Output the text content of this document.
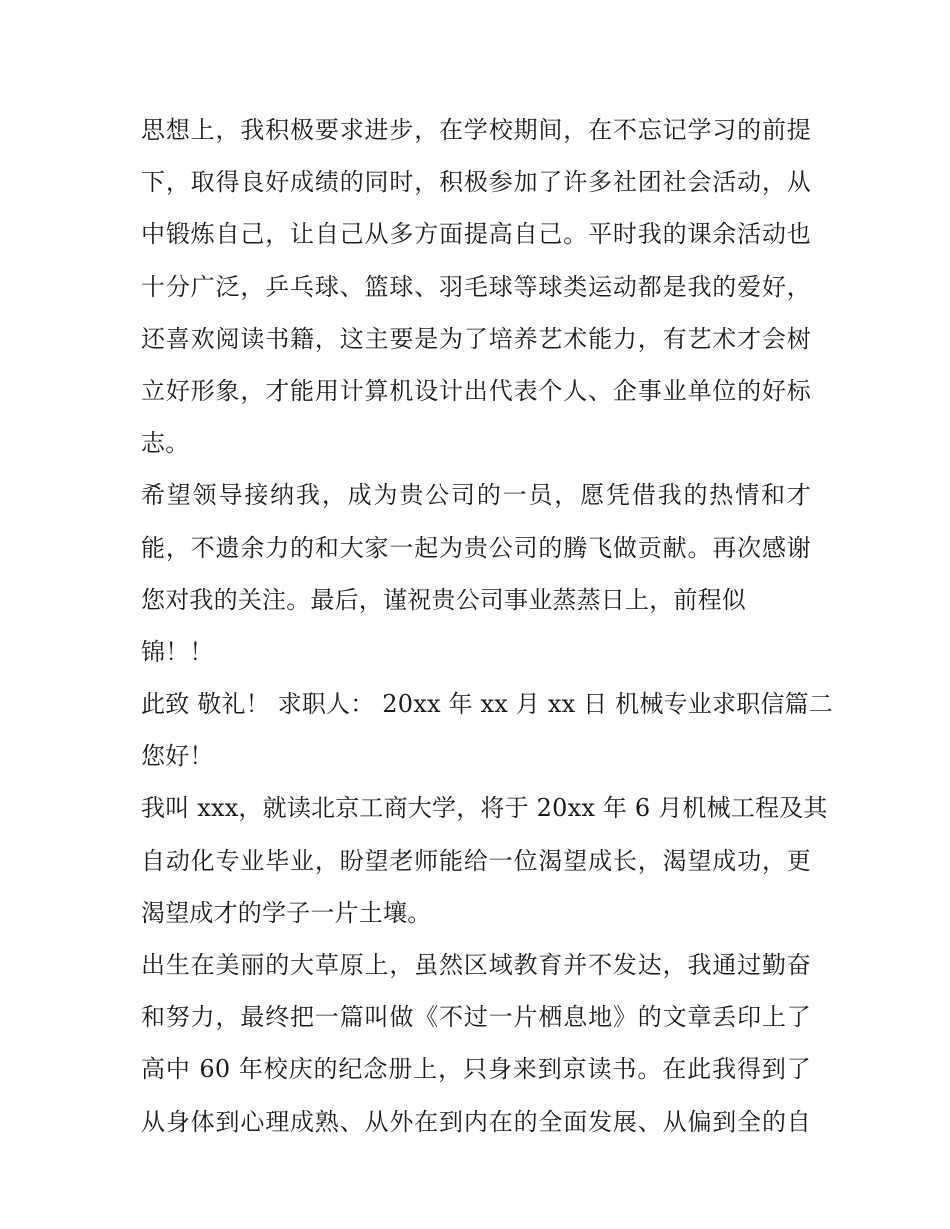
思想上，我积极要求进步，在学校期间，在不忘记学习的前提
下，取得良好成绩的同时，积极参加了许多社团社会活动，从
中锻炼自己，让自己从多方面提高自己。平时我的课余活动也
十分广泛，乒乓球、篮球、羽毛球等球类运动都是我的爱好，
还喜欢阅读书籍，这主要是为了培养艺术能力，有艺术才会树
立好形象，才能用计算机设计出代表个人、企事业单位的好标
志。
希望领导接纳我，成为贵公司的一员，愿凭借我的热情和才
能，不遗余力的和大家一起为贵公司的腾飞做贡献。再次感谢
您对我的关注。最后，谨祝贵公司事业蒸蒸日上，前程似
锦！！
此致 敬礼！ 求职人： 20xx 年 xx 月 xx 日 机械专业求职信篇二
您好！
我叫 xxx，就读北京工商大学，将于 20xx 年 6 月机械工程及其
自动化专业毕业，盼望老师能给一位渴望成长，渴望成功，更
渴望成才的学子一片土壤。
出生在美丽的大草原上，虽然区域教育并不发达，我通过勤奋
和努力，最终把一篇叫做《不过一片栖息地》的文章丢印上了
高中 60 年校庆的纪念册上，只身来到京读书。在此我得到了
从身体到心理成熟、从外在到内在的全面发展、从偏到全的自
